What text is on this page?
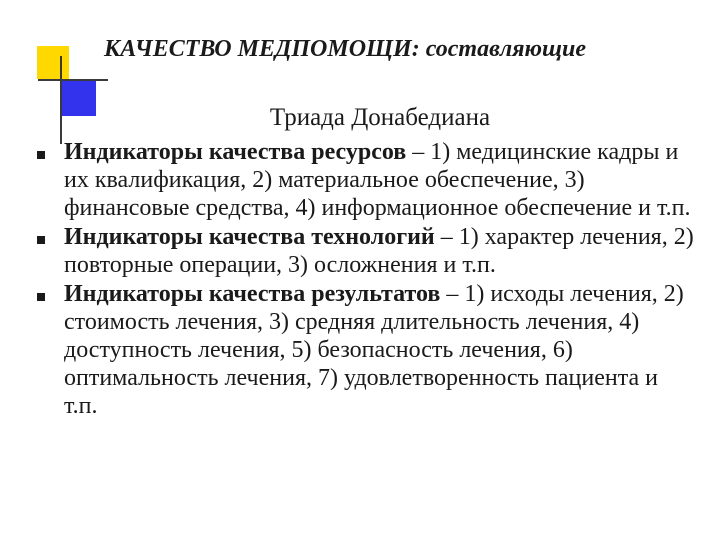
КАЧЕСТВО МЕДПОМОЩИ: составляющие
Триада Донабедиана
Индикаторы качества ресурсов – 1) медицинские кадры и их квалификация, 2) материальное обеспечение, 3) финансовые средства, 4) информационное обеспечение и т.п.
Индикаторы качества технологий – 1) характер лечения, 2) повторные операции, 3) осложнения и т.п.
Индикаторы качества результатов – 1) исходы лечения, 2) стоимость лечения, 3) средняя длительность лечения, 4) доступность лечения, 5) безопасность лечения, 6) оптимальность лечения, 7) удовлетворенность пациента и т.п.
